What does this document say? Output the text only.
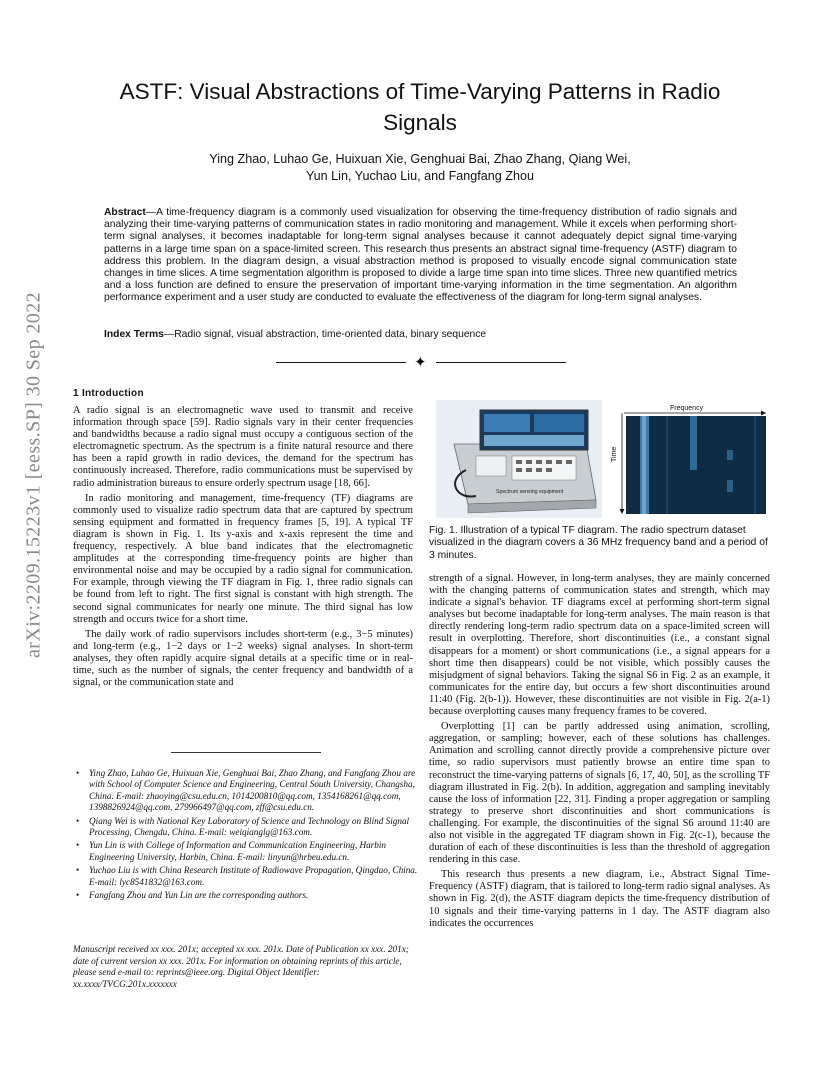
arXiv:2209.15223v1 [eess.SP] 30 Sep 2022
ASTF: Visual Abstractions of Time-Varying Patterns in Radio Signals
Ying Zhao, Luhao Ge, Huixuan Xie, Genghuai Bai, Zhao Zhang, Qiang Wei,
Yun Lin, Yuchao Liu, and Fangfang Zhou
Abstract—A time-frequency diagram is a commonly used visualization for observing the time-frequency distribution of radio signals and analyzing their time-varying patterns of communication states in radio monitoring and management. While it excels when performing short-term signal analyses, it becomes inadaptable for long-term signal analyses because it cannot adequately depict signal time-varying patterns in a large time span on a space-limited screen. This research thus presents an abstract signal time-frequency (ASTF) diagram to address this problem. In the diagram design, a visual abstraction method is proposed to visually encode signal communication state changes in time slices. A time segmentation algorithm is proposed to divide a large time span into time slices. Three new quantified metrics and a loss function are defined to ensure the preservation of important time-varying information in the time segmentation. An algorithm performance experiment and a user study are conducted to evaluate the effectiveness of the diagram for long-term signal analyses.
Index Terms—Radio signal, visual abstraction, time-oriented data, binary sequence
✦
1 Introduction

A radio signal is an electromagnetic wave used to transmit and receive information through space [59]. Radio signals vary in their center frequencies and bandwidths because a radio signal must occupy a contiguous section of the electromagnetic spectrum. As the spectrum is a finite natural resource and there has been a rapid growth in radio devices, the demand for the spectrum has continuously increased. Therefore, radio communications must be supervised by radio administration bureaus to ensure orderly spectrum usage [18, 66].

In radio monitoring and management, time-frequency (TF) diagrams are commonly used to visualize radio spectrum data that are captured by spectrum sensing equipment and formatted in frequency frames [5, 19]. A typical TF diagram is shown in Fig. 1. Its y-axis and x-axis represent the time and frequency, respectively. A blue band indicates that the electromagnetic amplitudes at the corresponding time-frequency points are higher than environmental noise and may be occupied by a radio signal for communication. For example, through viewing the TF diagram in Fig. 1, three radio signals can be found from left to right. The first signal is constant with high strength. The second signal communicates for nearly one minute. The third signal has low strength and occurs twice for a short time.

The daily work of radio supervisors includes short-term (e.g., 3−5 minutes) and long-term (e.g., 1−2 days or 1−2 weeks) signal analyses. In short-term analyses, they often rapidly acquire signal details at a specific time or in real-time, such as the number of signals, the center frequency and bandwidth of a signal, or the communication state and

• Ying Zhao, Luhao Ge, Huixuan Xie, Genghuai Bai, Zhao Zhang, and Fangfang Zhou are with School of Computer Science and Engineering, Central South University, Changsha, China. E-mail: zhaoying@csu.edu.cn, 1014200810@qq.com, 1354168261@qq.com, 1398826924@qq.com, 279966497@qq.com, zff@csu.edu.cn.
• Qiang Wei is with National Key Laboratory of Science and Technology on Blind Signal Processing, Chengdu, China. E-mail: weiqianglg@163.com.
• Yun Lin is with College of Information and Communication Engineering, Harbin Engineering University, Harbin, China. E-mail: linyun@hrbeu.edu.cn.
• Yuchao Liu is with China Research Institute of Radiowave Propagation, Qingdao, China. E-mail: lyc8541832@163.com.
• Fangfang Zhou and Yun Lin are the corresponding authors.
Manuscript received xx xxx. 201x; accepted xx xxx. 201x. Date of Publication xx xxx. 201x; date of current version xx xxx. 201x. For information on obtaining reprints of this article, please send e-mail to: reprints@ieee.org. Digital Object Identifier: xx.xxxx/TVCG.201x.xxxxxxx
Spectrum sensing equipment
Frequency
Time
Fig. 1. Illustration of a typical TF diagram. The radio spectrum dataset visualized in the diagram covers a 36 MHz frequency band and a period of 3 minutes.

strength of a signal. However, in long-term analyses, they are mainly concerned with the changing patterns of communication states and strength, which may indicate a signal's behavior. TF diagrams excel at performing short-term signal analyses but become inadaptable for long-term analyses. The main reason is that directly rendering long-term radio spectrum data on a space-limited screen will result in overplotting. Therefore, short discontinuities (i.e., a constant signal disappears for a moment) or short communications (i.e., a signal appears for a short time then disappears) could be not visible, which possibly causes the misjudgment of signal behaviors. Taking the signal S6 in Fig. 2 as an example, it communicates for the entire day, but occurs a few short discontinuities around 11:40 (Fig. 2(b-1)). However, these discontinuities are not visible in Fig. 2(a-1) because overplotting causes many frequency frames to be covered.

Overplotting [1] can be partly addressed using animation, scrolling, aggregation, or sampling; however, each of these solutions has challenges. Animation and scrolling cannot directly provide a comprehensive picture over time, so radio supervisors must patiently browse an entire time span to reconstruct the time-varying patterns of signals [6, 17, 40, 50], as the scrolling TF diagram illustrated in Fig. 2(b). In addition, aggregation and sampling inevitably cause the loss of information [22, 31]. Finding a proper aggregation or sampling strategy to preserve short discontinuities and short communications is challenging. For example, the discontinuities of the signal S6 around 11:40 are also not visible in the aggregated TF diagram shown in Fig. 2(c-1), because the duration of each of these discontinuities is less than the threshold of aggregation rendering in this case.

This research thus presents a new diagram, i.e., Abstract Signal Time-Frequency (ASTF) diagram, that is tailored to long-term radio signal analyses. As shown in Fig. 2(d), the ASTF diagram depicts the time-frequency distribution of 10 signals and their time-varying patterns in 1 day. The ASTF diagram also indicates the occurrences
